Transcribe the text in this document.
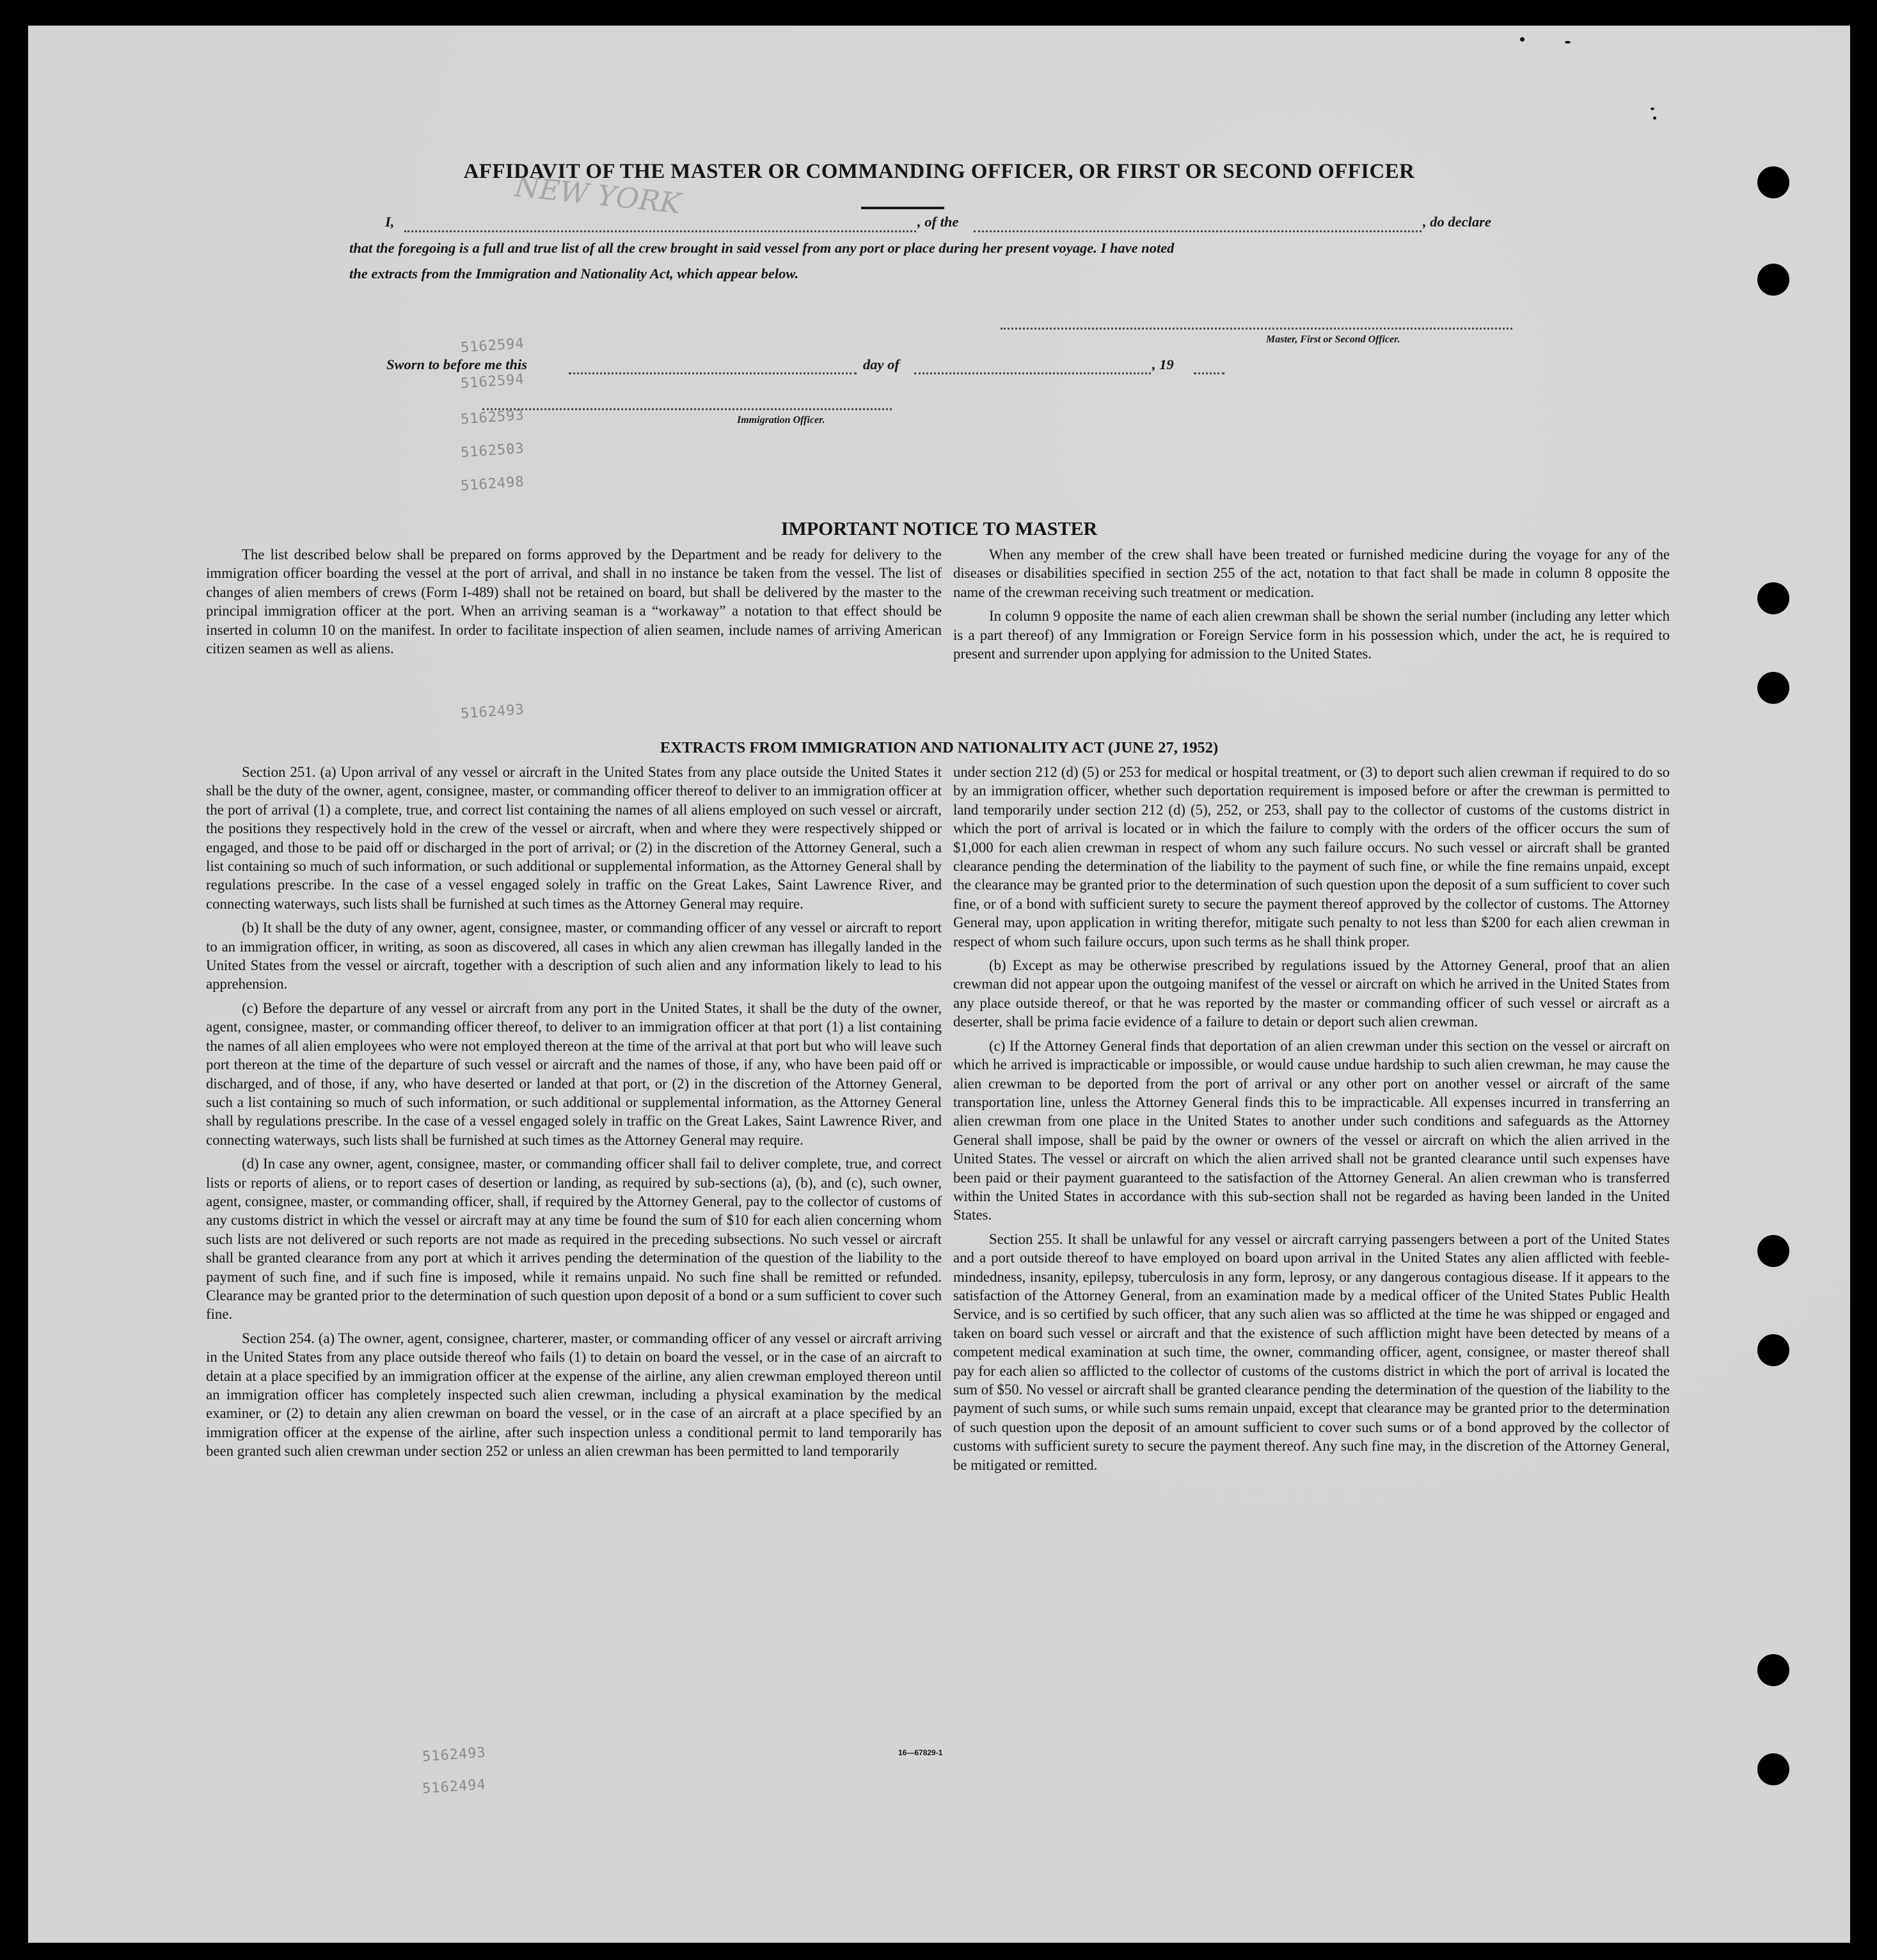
NEW YORK
5162594
5162594
5162593
5162503
5162498
5162493
5162493
5162494
AFFIDAVIT OF THE MASTER OR COMMANDING OFFICER, OR FIRST OR SECOND OFFICER
I,	, of the	, do declare
that the foregoing is a full and true list of all the crew brought in said vessel from any port or place during her present voyage. I have noted
the extracts from the Immigration and Nationality Act, which appear below.
Master, First or Second Officer.
Sworn to before me this	day of	, 19
Immigration Officer.
IMPORTANT NOTICE TO MASTER

The list described below shall be prepared on forms approved by the Department and be ready for delivery to the immigration officer boarding the vessel at the port of arrival, and shall in no instance be taken from the vessel. The list of changes of alien members of crews (Form I-489) shall not be retained on board, but shall be delivered by the master to the principal immigration officer at the port. When an arriving seaman is a “workaway” a notation to that effect should be inserted in column 10 on the manifest. In order to facilitate inspection of alien seamen, include names of arriving American citizen seamen as well as aliens.

When any member of the crew shall have been treated or furnished medicine during the voyage for any of the diseases or disabilities specified in section 255 of the act, notation to that fact shall be made in column 8 opposite the name of the crewman receiving such treatment or medication.

In column 9 opposite the name of each alien crewman shall be shown the serial number (including any letter which is a part thereof) of any Immigration or Foreign Service form in his possession which, under the act, he is required to present and surrender upon applying for admission to the United States.

EXTRACTS FROM IMMIGRATION AND NATIONALITY ACT (JUNE 27, 1952)

Section 251. (a) Upon arrival of any vessel or aircraft in the United States from any place outside the United States it shall be the duty of the owner, agent, consignee, master, or commanding officer thereof to deliver to an immigration officer at the port of arrival (1) a complete, true, and correct list containing the names of all aliens employed on such vessel or aircraft, the positions they respectively hold in the crew of the vessel or aircraft, when and where they were respectively shipped or engaged, and those to be paid off or discharged in the port of arrival; or (2) in the discretion of the Attorney General, such a list containing so much of such information, or such additional or supplemental information, as the Attorney General shall by regulations prescribe. In the case of a vessel engaged solely in traffic on the Great Lakes, Saint Lawrence River, and connecting waterways, such lists shall be furnished at such times as the Attorney General may require.

(b) It shall be the duty of any owner, agent, consignee, master, or commanding officer of any vessel or aircraft to report to an immigration officer, in writing, as soon as discovered, all cases in which any alien crewman has illegally landed in the United States from the vessel or aircraft, together with a description of such alien and any information likely to lead to his apprehension.

(c) Before the departure of any vessel or aircraft from any port in the United States, it shall be the duty of the owner, agent, consignee, master, or commanding officer thereof, to deliver to an immigration officer at that port (1) a list containing the names of all alien employees who were not employed thereon at the time of the arrival at that port but who will leave such port thereon at the time of the departure of such vessel or aircraft and the names of those, if any, who have been paid off or discharged, and of those, if any, who have deserted or landed at that port, or (2) in the discretion of the Attorney General, such a list containing so much of such information, or such additional or supplemental information, as the Attorney General shall by regulations prescribe. In the case of a vessel engaged solely in traffic on the Great Lakes, Saint Lawrence River, and connecting waterways, such lists shall be furnished at such times as the Attorney General may require.

(d) In case any owner, agent, consignee, master, or commanding officer shall fail to deliver complete, true, and correct lists or reports of aliens, or to report cases of desertion or landing, as required by sub-sections (a), (b), and (c), such owner, agent, consignee, master, or commanding officer, shall, if required by the Attorney General, pay to the collector of customs of any customs district in which the vessel or aircraft may at any time be found the sum of $10 for each alien concerning whom such lists are not delivered or such reports are not made as required in the preceding subsections. No such vessel or aircraft shall be granted clearance from any port at which it arrives pending the determination of the question of the liability to the payment of such fine, and if such fine is imposed, while it remains unpaid. No such fine shall be remitted or refunded. Clearance may be granted prior to the determination of such question upon deposit of a bond or a sum sufficient to cover such fine.

Section 254. (a) The owner, agent, consignee, charterer, master, or commanding officer of any vessel or aircraft arriving in the United States from any place outside thereof who fails (1) to detain on board the vessel, or in the case of an aircraft to detain at a place specified by an immigration officer at the expense of the airline, any alien crewman employed thereon until an immigration officer has completely inspected such alien crewman, including a physical examination by the medical examiner, or (2) to detain any alien crewman on board the vessel, or in the case of an aircraft at a place specified by an immigration officer at the expense of the airline, after such inspection unless a conditional permit to land temporarily has been granted such alien crewman under section 252 or unless an alien crewman has been permitted to land temporarily

under section 212 (d) (5) or 253 for medical or hospital treatment, or (3) to deport such alien crewman if required to do so by an immigration officer, whether such deportation requirement is imposed before or after the crewman is permitted to land temporarily under section 212 (d) (5), 252, or 253, shall pay to the collector of customs of the customs district in which the port of arrival is located or in which the failure to comply with the orders of the officer occurs the sum of $1,000 for each alien crewman in respect of whom any such failure occurs. No such vessel or aircraft shall be granted clearance pending the determination of the liability to the payment of such fine, or while the fine remains unpaid, except the clearance may be granted prior to the determination of such question upon the deposit of a sum sufficient to cover such fine, or of a bond with sufficient surety to secure the payment thereof approved by the collector of customs. The Attorney General may, upon application in writing therefor, mitigate such penalty to not less than $200 for each alien crewman in respect of whom such failure occurs, upon such terms as he shall think proper.

(b) Except as may be otherwise prescribed by regulations issued by the Attorney General, proof that an alien crewman did not appear upon the outgoing manifest of the vessel or aircraft on which he arrived in the United States from any place outside thereof, or that he was reported by the master or commanding officer of such vessel or aircraft as a deserter, shall be prima facie evidence of a failure to detain or deport such alien crewman.

(c) If the Attorney General finds that deportation of an alien crewman under this section on the vessel or aircraft on which he arrived is impracticable or impossible, or would cause undue hardship to such alien crewman, he may cause the alien crewman to be deported from the port of arrival or any other port on another vessel or aircraft of the same transportation line, unless the Attorney General finds this to be impracticable. All expenses incurred in transferring an alien crewman from one place in the United States to another under such conditions and safeguards as the Attorney General shall impose, shall be paid by the owner or owners of the vessel or aircraft on which the alien arrived in the United States. The vessel or aircraft on which the alien arrived shall not be granted clearance until such expenses have been paid or their payment guaranteed to the satisfaction of the Attorney General. An alien crewman who is transferred within the United States in accordance with this sub-section shall not be regarded as having been landed in the United States.

Section 255. It shall be unlawful for any vessel or aircraft carrying passengers between a port of the United States and a port outside thereof to have employed on board upon arrival in the United States any alien afflicted with feeble-mindedness, insanity, epilepsy, tuberculosis in any form, leprosy, or any dangerous contagious disease. If it appears to the satisfaction of the Attorney General, from an examination made by a medical officer of the United States Public Health Service, and is so certified by such officer, that any such alien was so afflicted at the time he was shipped or engaged and taken on board such vessel or aircraft and that the existence of such affliction might have been detected by means of a competent medical examination at such time, the owner, commanding officer, agent, consignee, or master thereof shall pay for each alien so afflicted to the collector of customs of the customs district in which the port of arrival is located the sum of $50. No vessel or aircraft shall be granted clearance pending the determination of the question of the liability to the payment of such sums, or while such sums remain unpaid, except that clearance may be granted prior to the determination of such question upon the deposit of an amount sufficient to cover such sums or of a bond approved by the collector of customs with sufficient surety to secure the payment thereof. Any such fine may, in the discretion of the Attorney General, be mitigated or remitted.

16—67829-1
